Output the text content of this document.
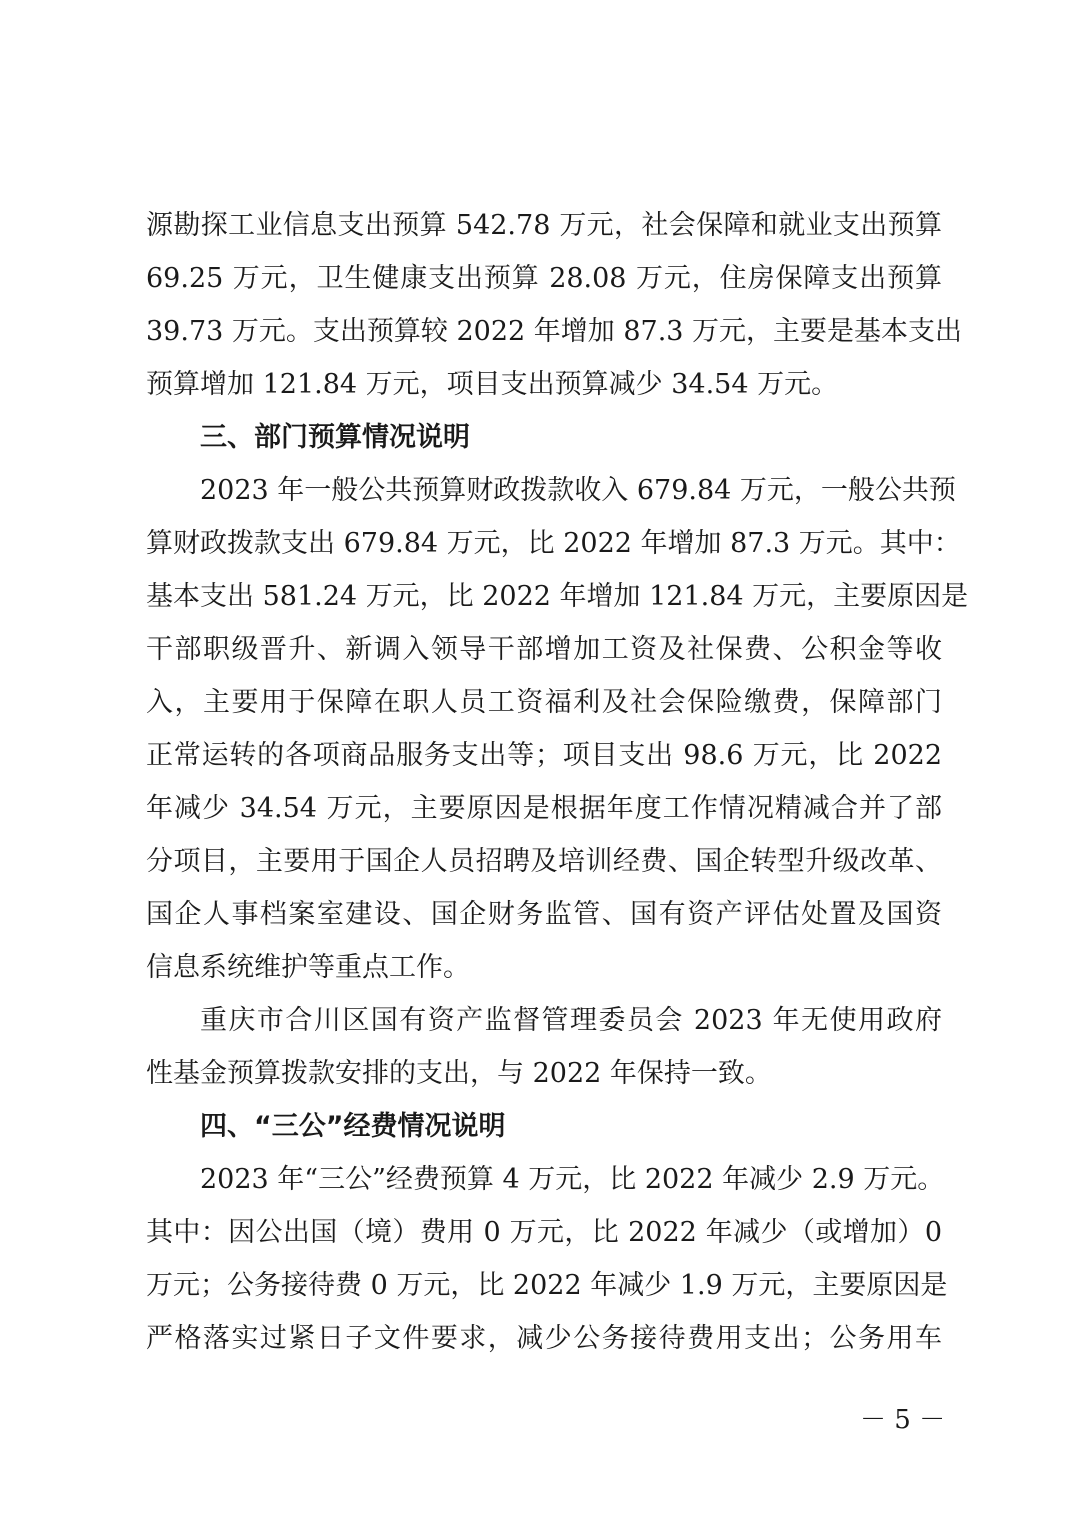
源勘探工业信息支出预算 542.78 万元，社会保障和就业支出预算
69.25 万元，卫生健康支出预算 28.08 万元，住房保障支出预算
39.73 万元。支出预算较 2022 年增加 87.3 万元，主要是基本支出
预算增加 121.84 万元，项目支出预算减少 34.54 万元。
三、部门预算情况说明
2023 年一般公共预算财政拨款收入 679.84 万元，一般公共预
算财政拨款支出 679.84 万元，比 2022 年增加 87.3 万元。其中：
基本支出 581.24 万元，比 2022 年增加 121.84 万元，主要原因是
干部职级晋升、新调入领导干部增加工资及社保费、公积金等收
入，主要用于保障在职人员工资福利及社会保险缴费，保障部门
正常运转的各项商品服务支出等；项目支出 98.6 万元，比 2022
年减少 34.54 万元，主要原因是根据年度工作情况精减合并了部
分项目，主要用于国企人员招聘及培训经费、国企转型升级改革、
国企人事档案室建设、国企财务监管、国有资产评估处置及国资
信息系统维护等重点工作。
重庆市合川区国有资产监督管理委员会 2023 年无使用政府
性基金预算拨款安排的支出，与 2022 年保持一致。
四、“三公”经费情况说明
2023 年“三公”经费预算 4 万元，比 2022 年减少 2.9 万元。
其中：因公出国（境）费用 0 万元，比 2022 年减少（或增加）0
万元；公务接待费 0 万元，比 2022 年减少 1.9 万元，主要原因是
严格落实过紧日子文件要求，减少公务接待费用支出；公务用车
－ 5 －
